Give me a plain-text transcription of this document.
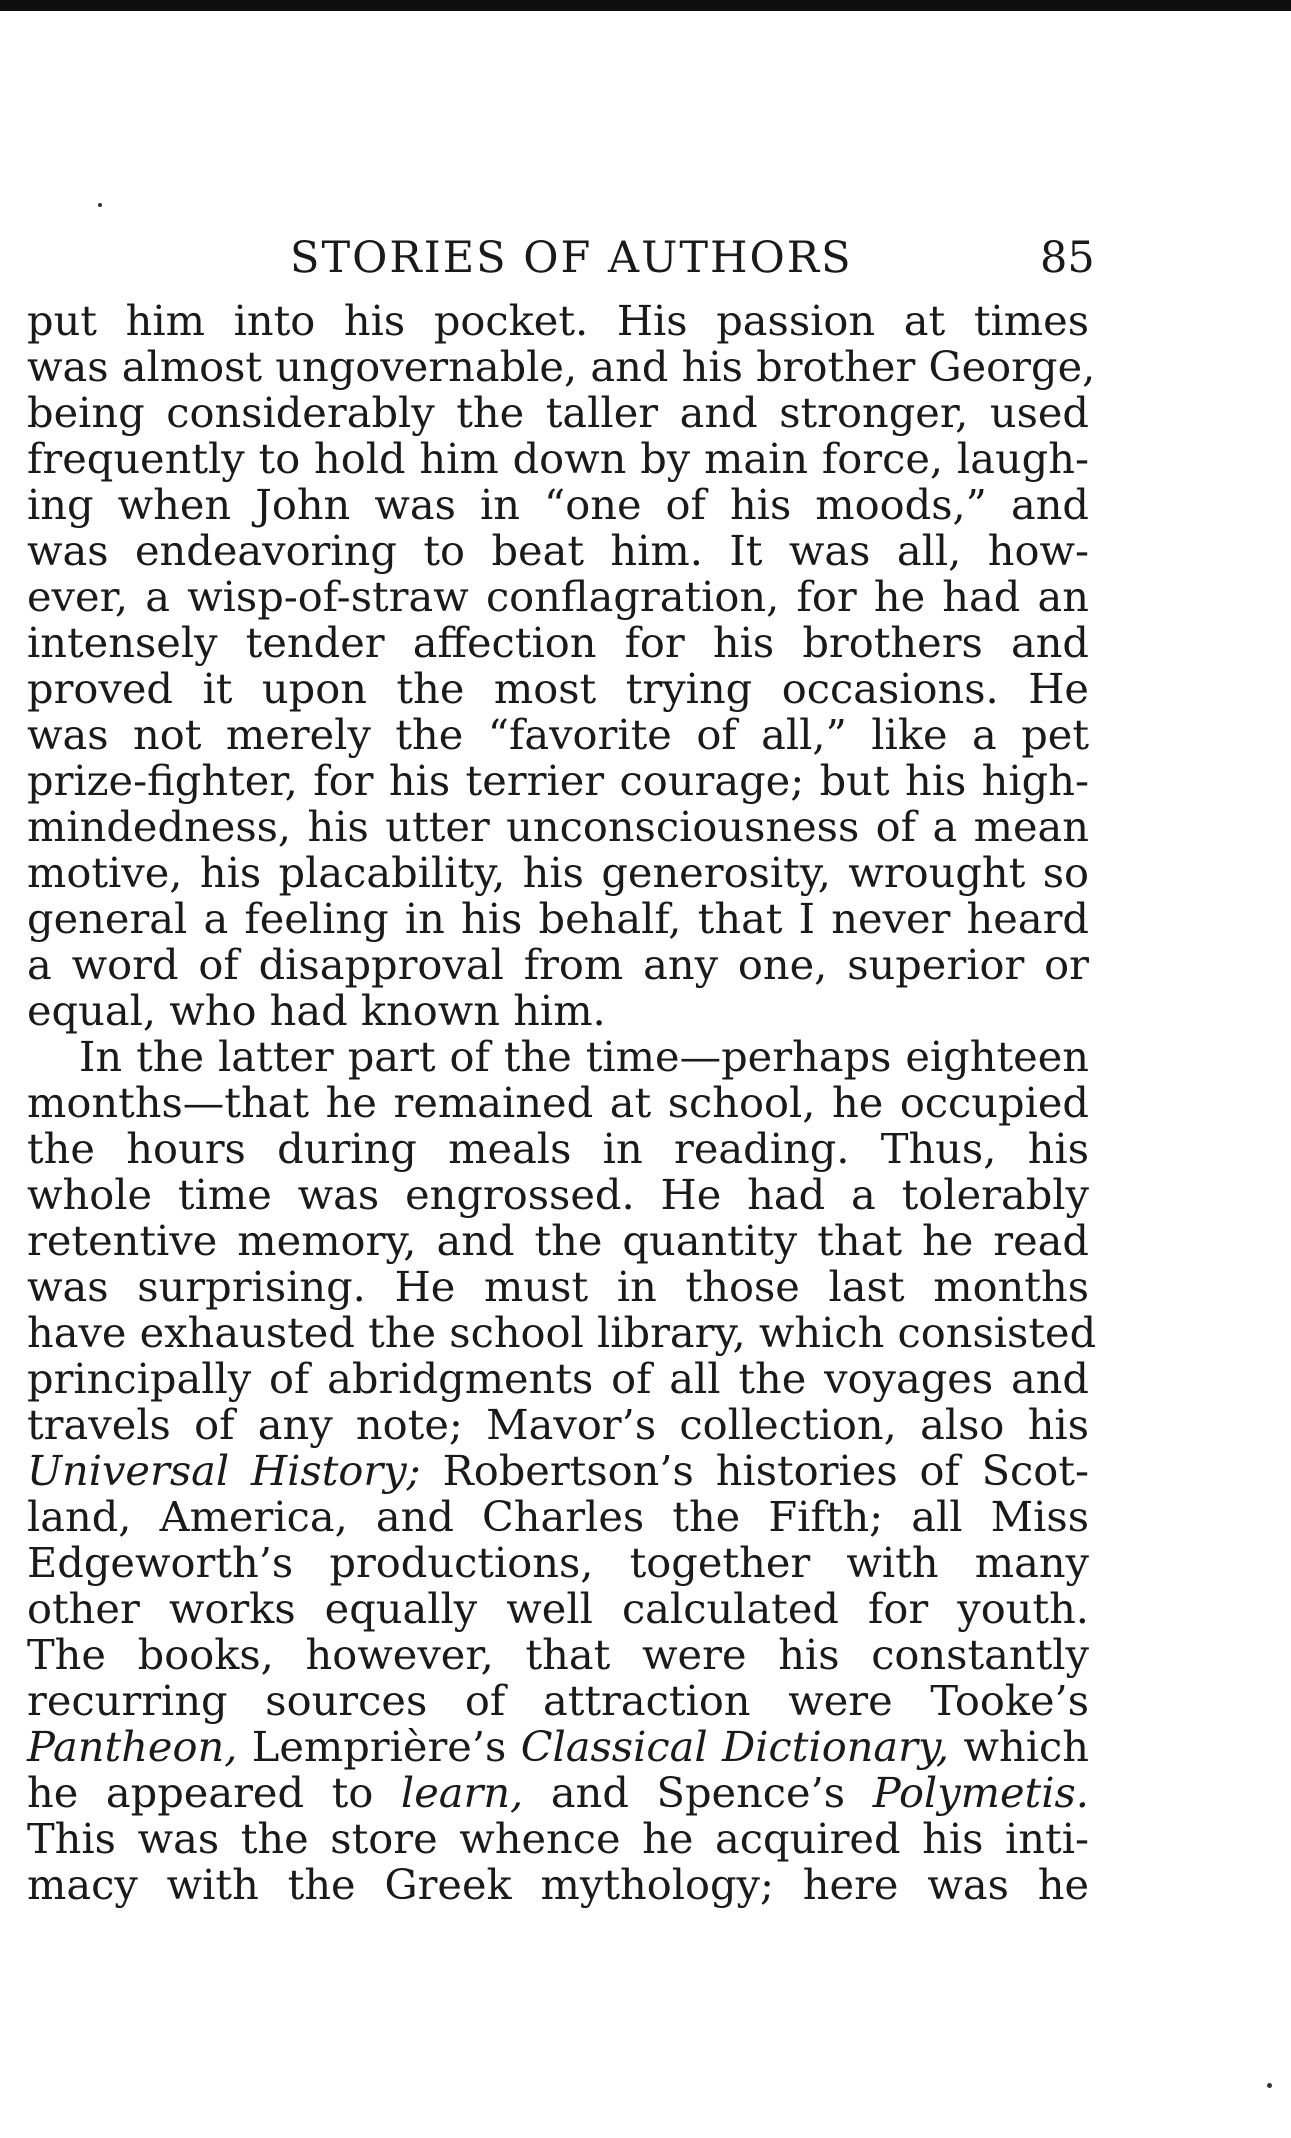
STORIES OF AUTHORS	85
put him into his pocket. His passion at times
was almost ungovernable, and his brother George,
being considerably the taller and stronger, used
frequently to hold him down by main force, laugh-
ing when John was in “one of his moods,” and
was endeavoring to beat him. It was all, how-
ever, a wisp-of-straw conflagration, for he had an
intensely tender affection for his brothers and
proved it upon the most trying occasions. He
was not merely the “favorite of all,” like a pet
prize-fighter, for his terrier courage; but his high-
mindedness, his utter unconsciousness of a mean
motive, his placability, his generosity, wrought so
general a feeling in his behalf, that I never heard
a word of disapproval from any one, superior or
equal, who had known him.
In the latter part of the time—perhaps eighteen
months—that he remained at school, he occupied
the hours during meals in reading. Thus, his
whole time was engrossed. He had a tolerably
retentive memory, and the quantity that he read
was surprising. He must in those last months
have exhausted the school library, which consisted
principally of abridgments of all the voyages and
travels of any note; Mavor’s collection, also his
Universal History; Robertson’s histories of Scot-
land, America, and Charles the Fifth; all Miss
Edgeworth’s productions, together with many
other works equally well calculated for youth.
The books, however, that were his constantly
recurring sources of attraction were Tooke’s
Pantheon, Lemprière’s Classical Dictionary, which
he appeared to learn, and Spence’s Polymetis.
This was the store whence he acquired his inti-
macy with the Greek mythology; here was he
